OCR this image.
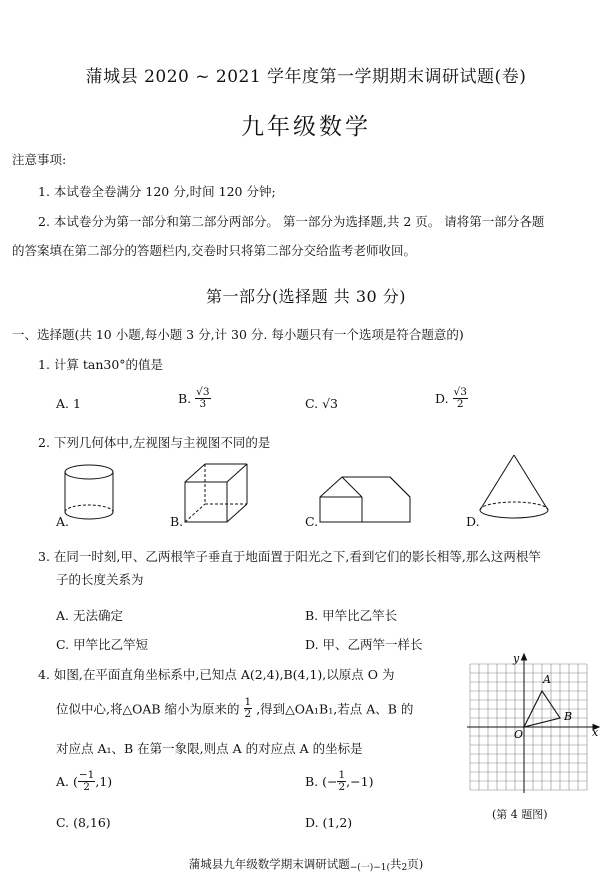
蒲城县 2020 ~ 2021 学年度第一学期期末调研试题(卷)
九年级数学
注意事项:
1. 本试卷全卷满分 120 分,时间 120 分钟;
2. 本试卷分为第一部分和第二部分两部分。 第一部分为选择题,共 2 页。 请将第一部分各题
的答案填在第二部分的答题栏内,交卷时只将第二部分交给监考老师收回。
第一部分(选择题 共 30 分)
一、选择题(共 10 小题,每小题 3 分,计 30 分. 每小题只有一个选项是符合题意的)
1. 计算 tan30°的值是
A. 1	B. $\frac{√3}{3}$	C. √3	D. $\frac{√3}{2}$
2. 下列几何体中,左视图与主视图不同的是
A.	B.	C.	D.
3. 在同一时刻,甲、乙两根竿子垂直于地面置于阳光之下,看到它们的影长相等,那么这两根竿
子的长度关系为
A. 无法确定	B. 甲竿比乙竿长
C. 甲竿比乙竿短	D. 甲、乙两竿一样长
4. 如图,在平面直角坐标系中,已知点 A(2,4),B(4,1),以原点 O 为
位似中心,将△OAB 缩小为原来的 $\frac{1}{2}$ ,得到△OA₁B₁,若点 A、B 的
对应点 A₁、B 在第一象限,则点 A 的对应点 A 的坐标是
A. ( $\frac{-1}{2} ,1$)	B. (− $\frac{1}{2} ,-1$)
C. (8,16)	D. (1,2)
x
y
O
A
B
(第 4 题图)
蒲城县九年级数学期末调研试题$_{-(一)-1(}$共$_2$页)
